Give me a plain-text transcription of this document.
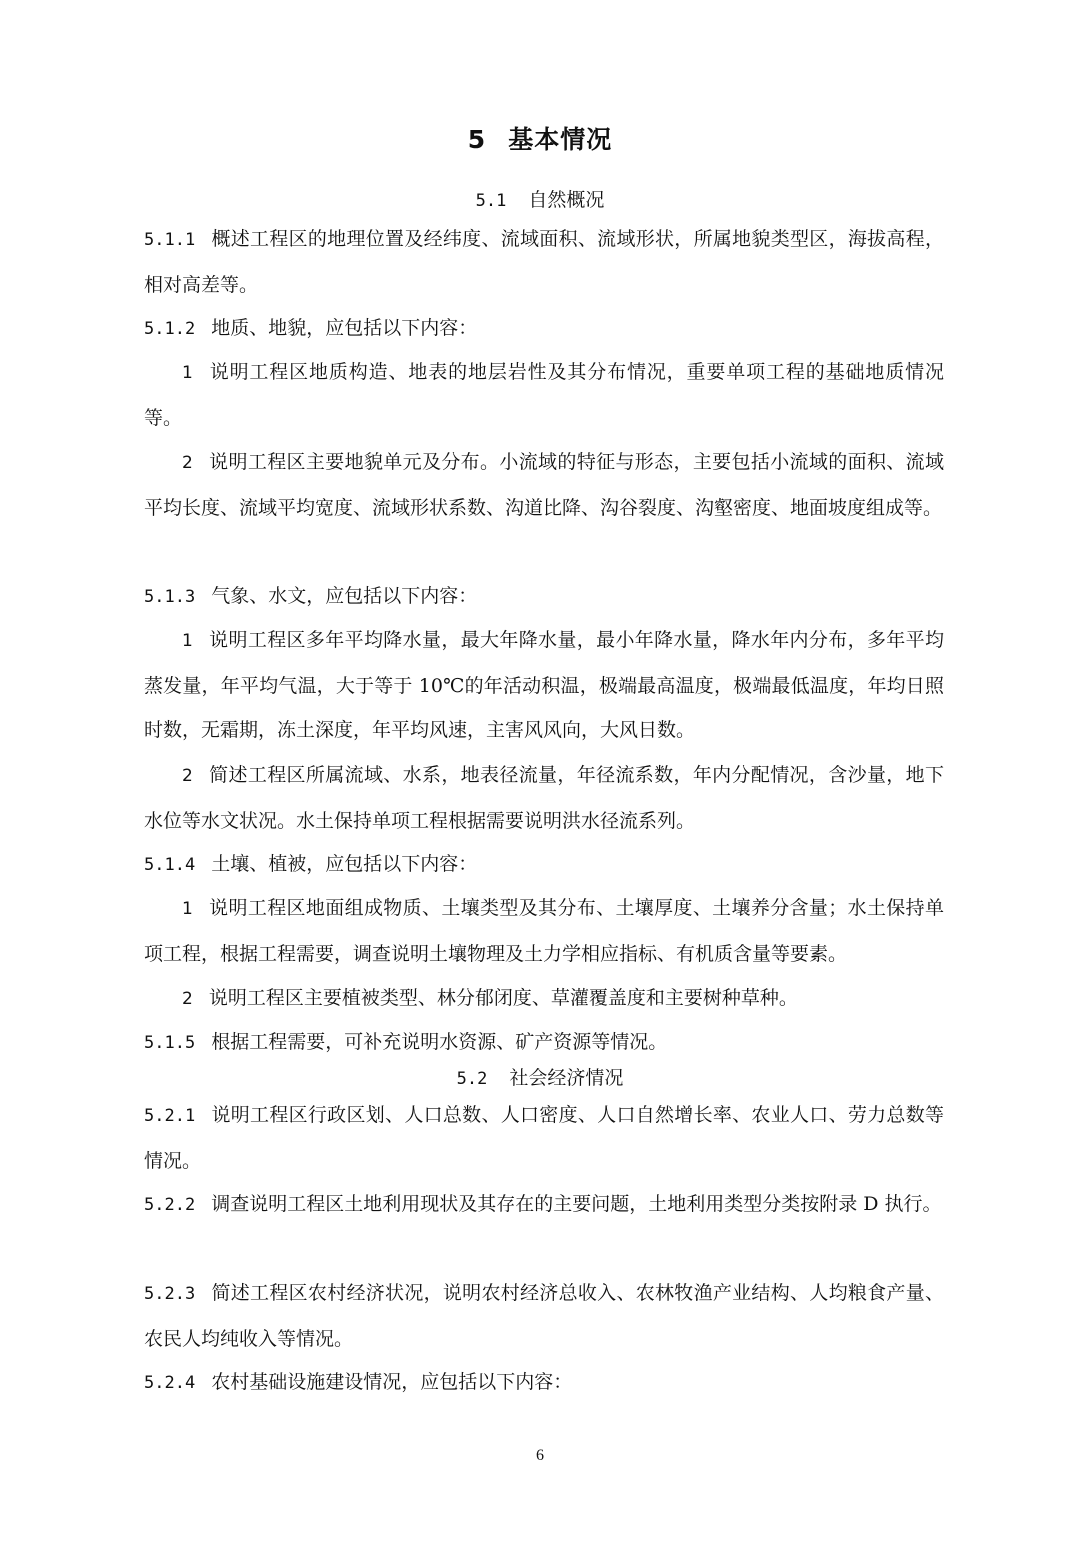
5 基本情况
5.1 自然概况
5.1.1 概述工程区的地理位置及经纬度、流域面积、流域形状，所属地貌类型区，海拔高程，相对高差等。
5.1.2 地质、地貌，应包括以下内容：
1 说明工程区地质构造、地表的地层岩性及其分布情况，重要单项工程的基础地质情况等。
2 说明工程区主要地貌单元及分布。小流域的特征与形态，主要包括小流域的面积、流域平均长度、流域平均宽度、流域形状系数、沟道比降、沟谷裂度、沟壑密度、地面坡度组成等。
5.1.3 气象、水文，应包括以下内容：
1 说明工程区多年平均降水量，最大年降水量，最小年降水量，降水年内分布，多年平均蒸发量，年平均气温，大于等于 10℃的年活动积温，极端最高温度，极端最低温度，年均日照时数，无霜期，冻土深度，年平均风速，主害风风向，大风日数。
2 简述工程区所属流域、水系，地表径流量，年径流系数，年内分配情况，含沙量，地下水位等水文状况。水土保持单项工程根据需要说明洪水径流系列。
5.1.4 土壤、植被，应包括以下内容：
1 说明工程区地面组成物质、土壤类型及其分布、土壤厚度、土壤养分含量；水土保持单项工程，根据工程需要，调查说明土壤物理及土力学相应指标、有机质含量等要素。
2 说明工程区主要植被类型、林分郁闭度、草灌覆盖度和主要树种草种。
5.1.5 根据工程需要，可补充说明水资源、矿产资源等情况。
5.2 社会经济情况
5.2.1 说明工程区行政区划、人口总数、人口密度、人口自然增长率、农业人口、劳力总数等情况。
5.2.2 调查说明工程区土地利用现状及其存在的主要问题，土地利用类型分类按附录 D 执行。
5.2.3 简述工程区农村经济状况，说明农村经济总收入、农林牧渔产业结构、人均粮食产量、农民人均纯收入等情况。
5.2.4 农村基础设施建设情况，应包括以下内容：
6
